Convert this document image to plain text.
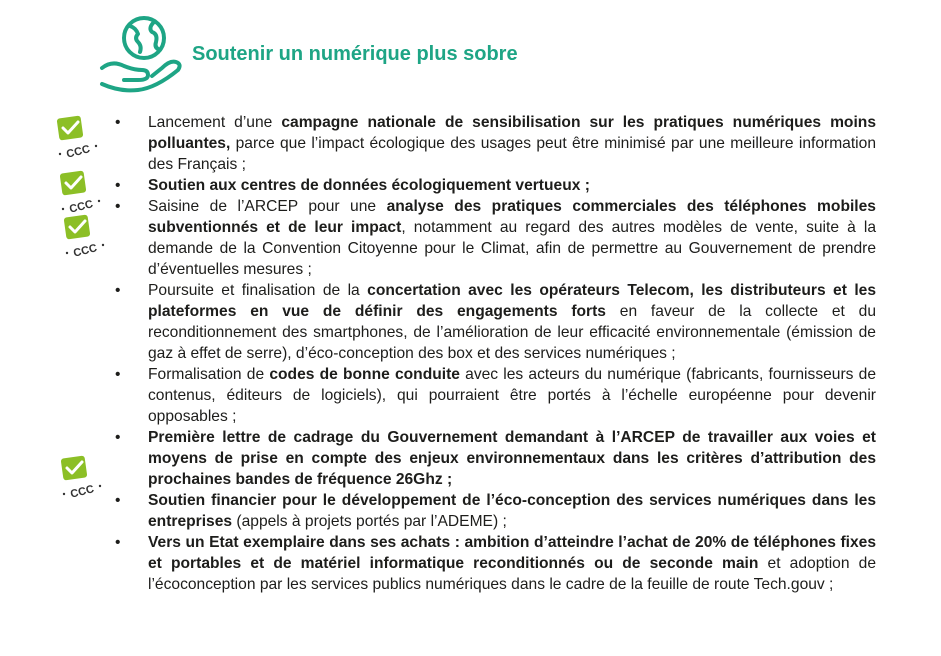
Soutenir un numérique plus sobre
• Lancement d’une campagne nationale de sensibilisation sur les pratiques numériques moins polluantes, parce que l’impact écologique des usages peut être minimisé par une meilleure information des Français ;
• Soutien aux centres de données écologiquement vertueux ;
• Saisine de l’ARCEP pour une analyse des pratiques commerciales des téléphones mobiles subventionnés et de leur impact, notamment au regard des autres modèles de vente, suite à la demande de la Convention Citoyenne pour le Climat, afin de permettre au Gouvernement de prendre d’éventuelles mesures ;
• Poursuite et finalisation de la concertation avec les opérateurs Telecom, les distributeurs et les plateformes en vue de définir des engagements forts en faveur de la collecte et du reconditionnement des smartphones, de l’amélioration de leur efficacité environnementale (émission de gaz à effet de serre), d’éco-conception des box et des services numériques ;
• Formalisation de codes de bonne conduite avec les acteurs du numérique (fabricants, fournisseurs de contenus, éditeurs de logiciels), qui pourraient être portés à l’échelle européenne pour devenir opposables ;
• Première lettre de cadrage du Gouvernement demandant à l’ARCEP de travailler aux voies et moyens de prise en compte des enjeux environnementaux dans les critères d’attribution des prochaines bandes de fréquence 26Ghz ;
• Soutien financier pour le développement de l’éco-conception des services numériques dans les entreprises (appels à projets portés par l’ADEME) ;
• Vers un Etat exemplaire dans ses achats : ambition d’atteindre l’achat de 20% de téléphones fixes et portables et de matériel informatique reconditionnés ou de seconde main et adoption de l’écoconception par les services publics numériques dans le cadre de la feuille de route Tech.gouv ;
CCC
CCC
CCC
CCC
